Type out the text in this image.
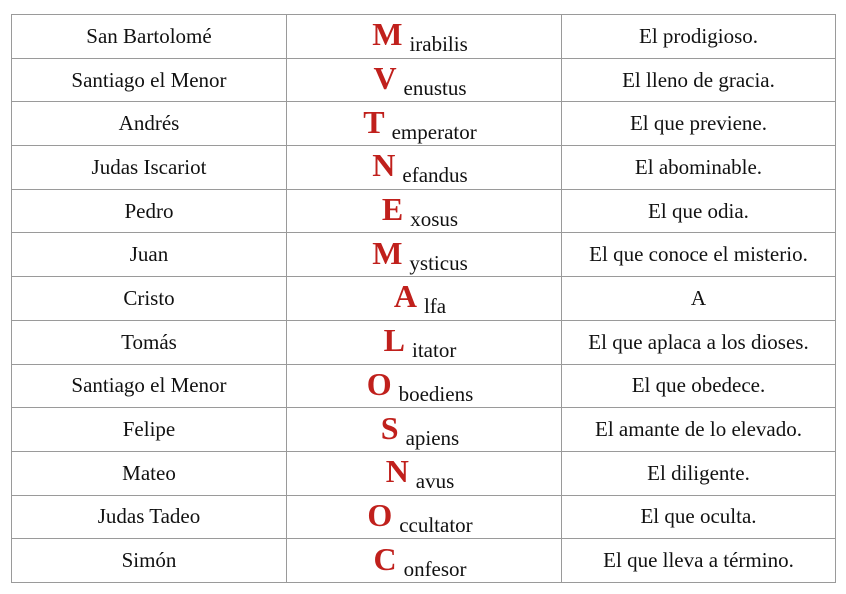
San Bartolomé	M irabilis	El prodigioso.
Santiago el Menor	V enustus	El lleno de gracia.
Andrés	T emperator	El que previene.
Judas Iscariot	N efandus	El abominable.
Pedro	E xosus	El que odia.
Juan	M ysticus	El que conoce el misterio.
Cristo	A lfa	A
Tomás	L itator	El que aplaca a los dioses.
Santiago el Menor	O boediens	El que obedece.
Felipe	S apiens	El amante de lo elevado.
Mateo	N avus	El diligente.
Judas Tadeo	O ccultator	El que oculta.
Simón	C onfesor	El que lleva a término.
